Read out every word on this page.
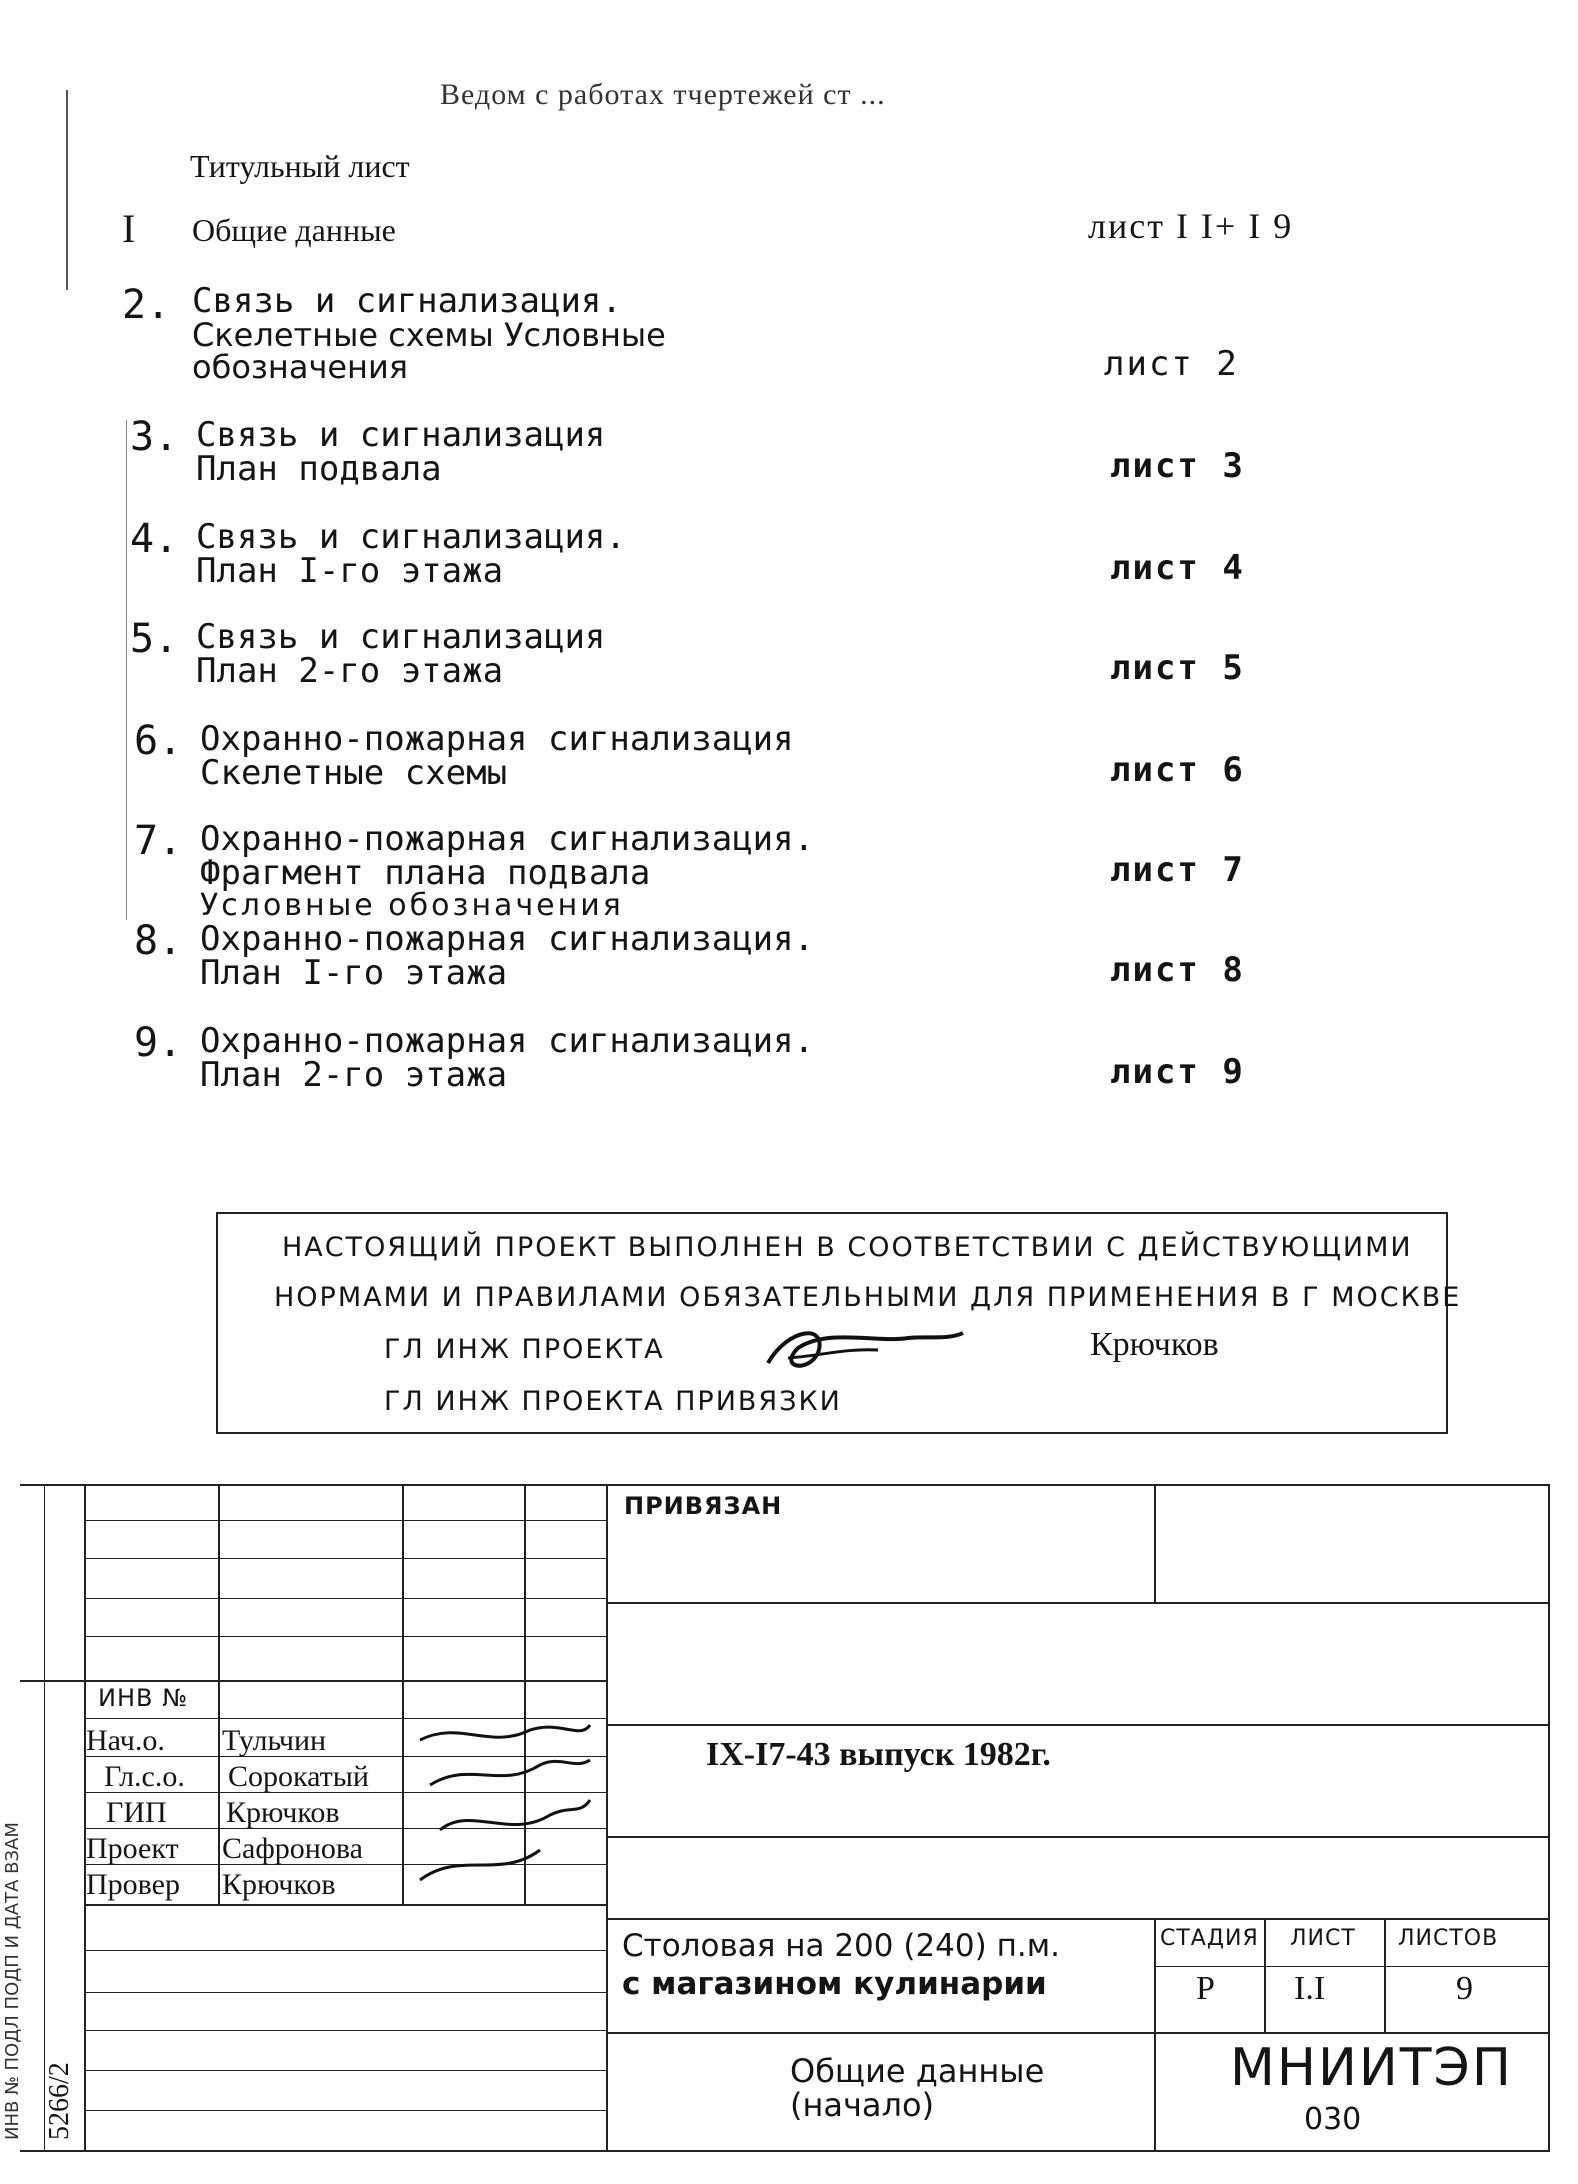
Ведом с работах тчертежей ст ...
Титульный лист
I Общие данные	лист I I+ I 9
2. Связь и сигнализация.
Скелетные схемы Условные
обозначения	лист 2
3. Связь и сигнализация
План подвала	лист 3
4. Связь и сигнализация.
План I-го этажа	лист 4
5. Связь и сигнализация
План 2-го этажа	лист 5
6. Охранно-пожарная сигнализация
Скелетные схемы	лист 6
7. Охранно-пожарная сигнализация.
Фрагмент плана подвала
Условные обозначения
лист 7
8. Охранно-пожарная сигнализация.
План I-го этажа	лист 8
9. Охранно-пожарная сигнализация.
План 2-го этажа	лист 9
НАСТОЯЩИЙ ПРОЕКТ ВЫПОЛНЕН В СООТВЕТСТВИИ С ДЕЙСТВУЮЩИМИ
НОРМАМИ И ПРАВИЛАМИ ОБЯЗАТЕЛЬНЫМИ ДЛЯ ПРИМЕНЕНИЯ В Г МОСКВЕ
ГЛ ИНЖ ПРОЕКТА	Крючков
ГЛ ИНЖ ПРОЕКТА ПРИВЯЗКИ
ПРИВЯЗАН
ИНВ №
Нач.о. Тульчин
Гл.с.о. Сорокатый
ГИП Крючков
Проект Сафронова
Провер Крючков
IX-I7-43 выпуск 1982г.
Столовая на 200 (240) п.м.
с магазином кулинарии
СТАДИЯ ЛИСТ ЛИСТОВ
Р I.I	9
Общие данные
(начало)
МНИИТЭП
030
5266/2
ИНВ № ПОДЛ ПОДП И ДАТА ВЗАМ
